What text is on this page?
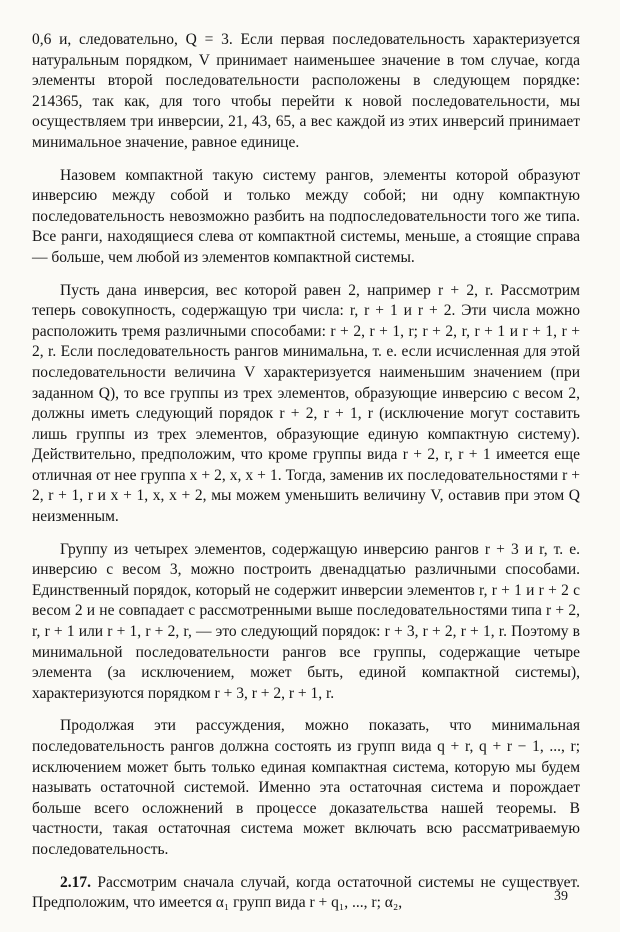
0,6 и, следовательно, Q = 3. Если первая последовательность характеризуется натуральным порядком, V принимает наименьшее значение в том случае, когда элементы второй последовательности расположены в следующем порядке: 214365, так как, для того чтобы перейти к новой последовательности, мы осуществляем три инверсии, 21, 43, 65, а вес каждой из этих инверсий принимает минимальное значение, равное единице.

Назовем компактной такую систему рангов, элементы которой образуют инверсию между собой и только между собой; ни одну компактную последовательность невозможно разбить на подпоследовательности того же типа. Все ранги, находящиеся слева от компактной системы, меньше, а стоящие справа — больше, чем любой из элементов компактной системы.

Пусть дана инверсия, вес которой равен 2, например r + 2, r. Рассмотрим теперь совокупность, содержащую три числа: r, r + 1 и r + 2. Эти числа можно расположить тремя различными способами: r + 2, r + 1, r; r + 2, r, r + 1 и r + 1, r + 2, r. Если последовательность рангов минимальна, т. е. если исчисленная для этой последовательности величина V характеризуется наименьшим значением (при заданном Q), то все группы из трех элементов, образующие инверсию с весом 2, должны иметь следующий порядок r + 2, r + 1, r (исключение могут составить лишь группы из трех элементов, образующие единую компактную систему). Действительно, предположим, что кроме группы вида r + 2, r, r + 1 имеется еще отличная от нее группа x + 2, x, x + 1. Тогда, заменив их последовательностями r + 2, r + 1, r и x + 1, x, x + 2, мы можем уменьшить величину V, оставив при этом Q неизменным.

Группу из четырех элементов, содержащую инверсию рангов r + 3 и r, т. е. инверсию с весом 3, можно построить двенадцатью различными способами. Единственный порядок, который не содержит инверсии элементов r, r + 1 и r + 2 с весом 2 и не совпадает с рассмотренными выше последовательностями типа r + 2, r, r + 1 или r + 1, r + 2, r, — это следующий порядок: r + 3, r + 2, r + 1, r. Поэтому в минимальной последовательности рангов все группы, содержащие четыре элемента (за исключением, может быть, единой компактной системы), характеризуются порядком r + 3, r + 2, r + 1, r.

Продолжая эти рассуждения, можно показать, что минимальная последовательность рангов должна состоять из групп вида q + r, q + r − 1, ..., r; исключением может быть только единая компактная система, которую мы будем называть остаточной системой. Именно эта остаточная система и порождает больше всего осложнений в процессе доказательства нашей теоремы. В частности, такая остаточная система может включать всю рассматриваемую последовательность.

2.17. Рассмотрим сначала случай, когда остаточной системы не существует. Предположим, что имеется α₁ групп вида r + q₁, ..., r; α₂,	39
